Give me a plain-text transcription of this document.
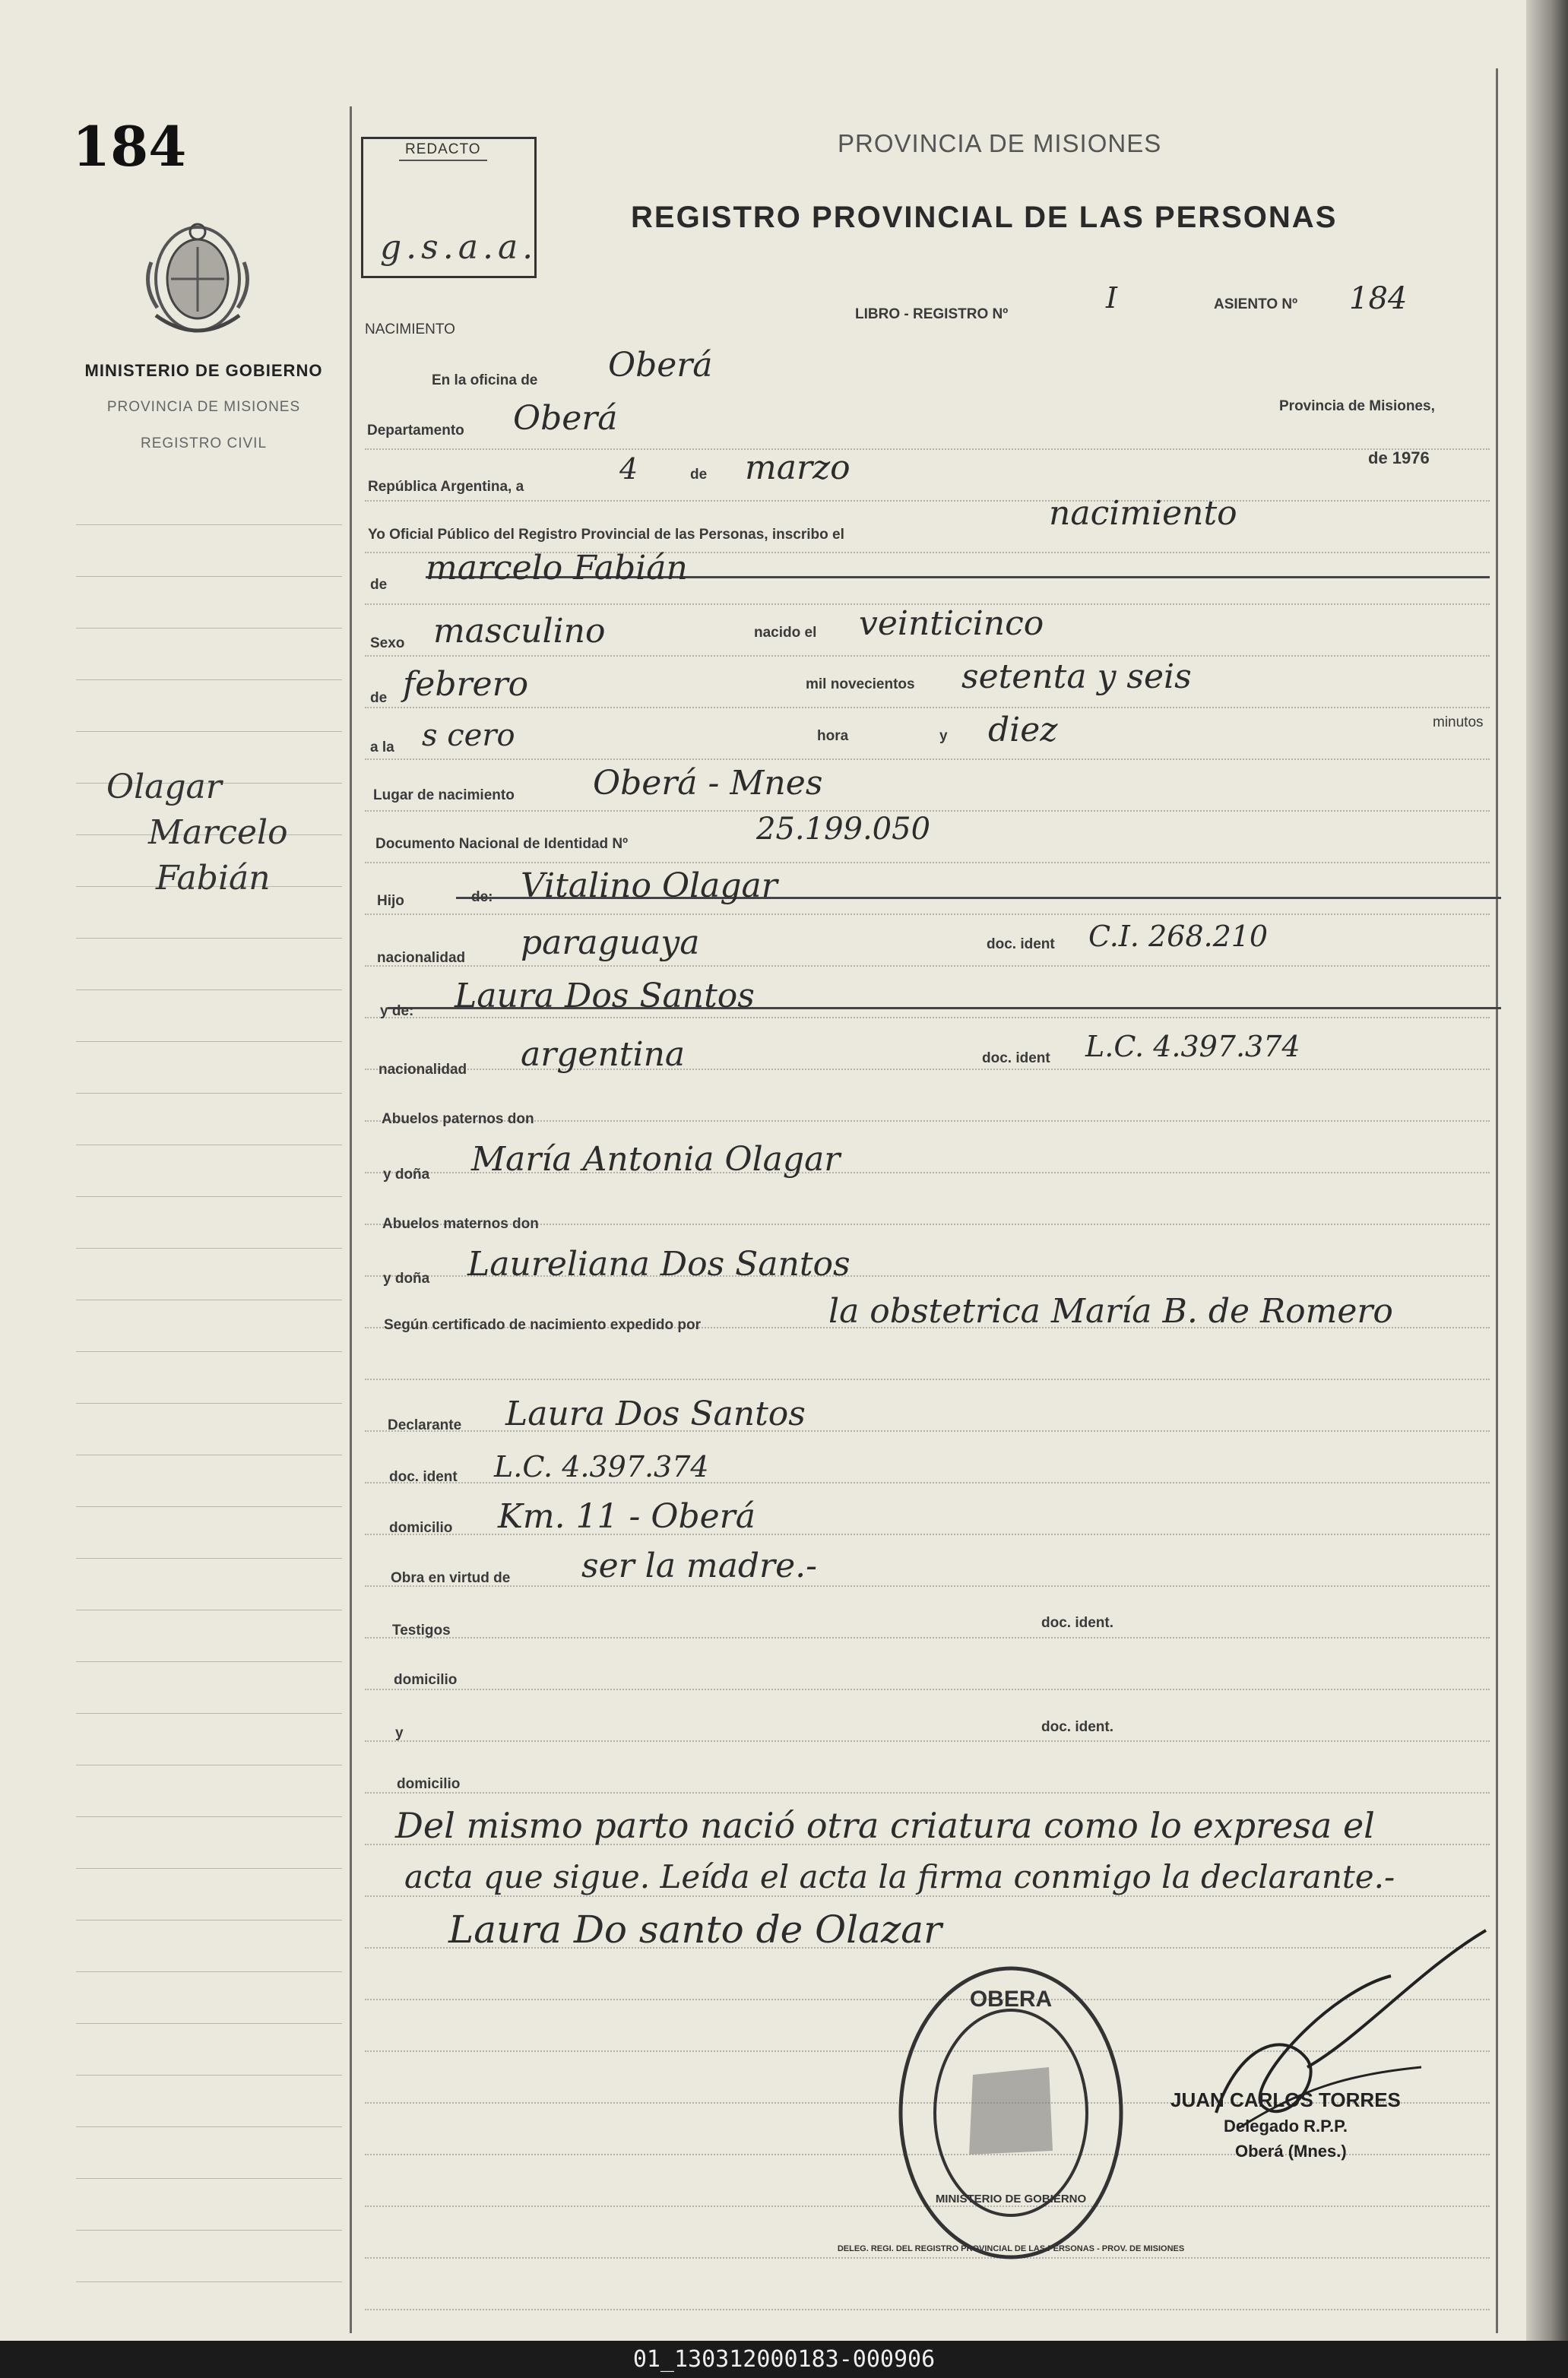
184	REDACTO
g.s.a.a.
PROVINCIA DE MISIONES
REGISTRO PROVINCIAL DE LAS PERSONAS
MINISTERIO DE GOBIERNO
PROVINCIA DE MISIONES
REGISTRO CIVIL
Olagar
Marcelo
Fabián
NACIMIENTO
LIBRO - REGISTRO Nº	I	ASIENTO Nº 184
En la oficina de Oberá
Departamento Oberá	Provincia de Misiones,
República Argentina, a
4	de marzo	de 1976
Yo Oficial Público del Registro Provincial de las Personas, inscribo el
nacimiento
de marcelo Fabián
Sexo masculino	nacido el veinticinco
de febrero	mil novecientos setenta y seis
a la s cero	hora	y diez	minutos
Lugar de nacimiento Oberá - Mnes
Documento Nacional de Identidad Nº	25.199.050
Hijo	de: Vitalino Olagar
nacionalidad paraguaya	doc. ident C.I. 268.210
y de: Laura Dos Santos
nacionalidad argentina	doc. ident L.C. 4.397.374
Abuelos paternos don
y doña María Antonia Olagar
Abuelos maternos don
y doña Laureliana Dos Santos
Según certificado de nacimiento expedido por	la obstetrica María B. de Romero
Declarante Laura Dos Santos
doc. ident L.C. 4.397.374
domicilio Km. 11 - Oberá
Obra en virtud de ser la madre.-
Testigos	doc. ident.
domicilio
y	doc. ident.
domicilio
Del mismo parto nació otra criatura como lo expresa el
acta que sigue. Leída el acta la firma conmigo la declarante.-
Laura Do santo de Olazar
OBERA
DELEG. REGI. DEL REGISTRO PROVINCIAL DE LAS PERSONAS - PROV. DE MISIONES
MINISTERIO DE GOBIERNO
JUAN CARLOS TORRES
Delegado R.P.P.
Oberá (Mnes.)
01_130312000183-000906
